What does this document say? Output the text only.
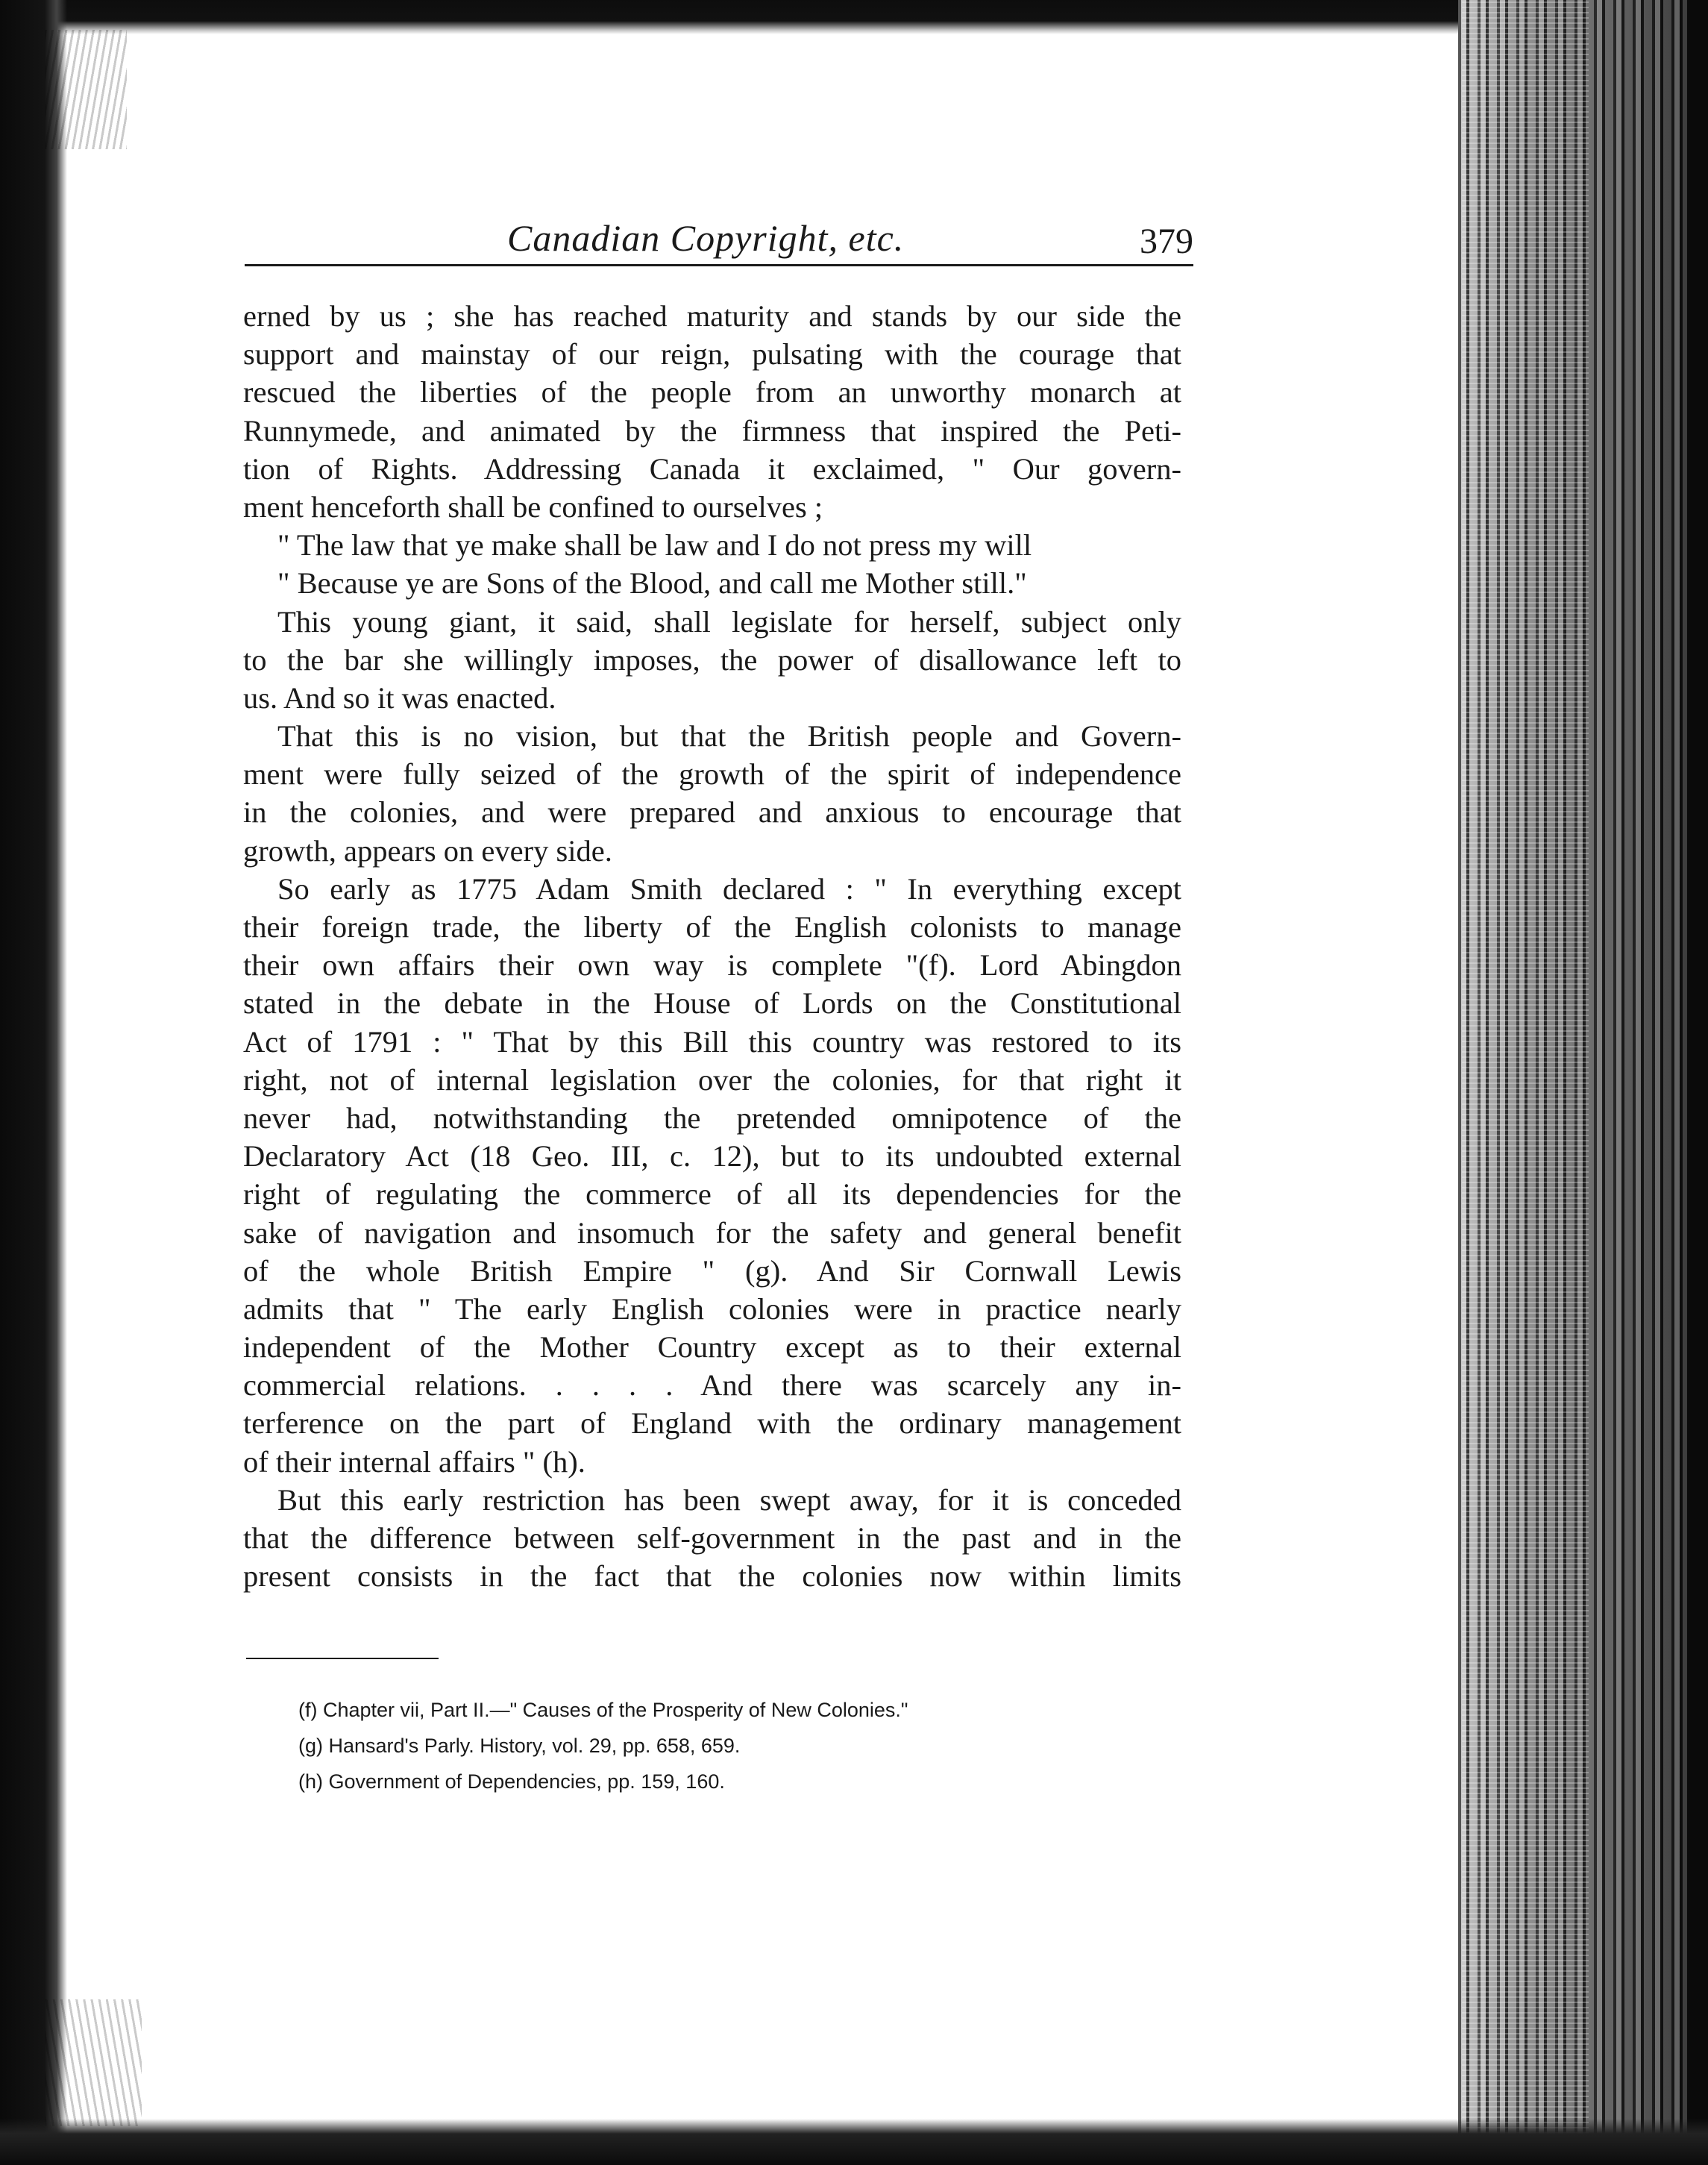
Canadian Copyright, etc.	379
erned by us ; she has reached maturity and stands by our side the
support and mainstay of our reign, pulsating with the courage that
rescued the liberties of the people from an unworthy monarch at
Runnymede, and animated by the firmness that inspired the Peti-
tion of Rights. Addressing Canada it exclaimed, " Our govern-
ment henceforth shall be confined to ourselves ;
" The law that ye make shall be law and I do not press my will
" Because ye are Sons of the Blood, and call me Mother still."
This young giant, it said, shall legislate for herself, subject only
to the bar she willingly imposes, the power of disallowance left to
us. And so it was enacted.
That this is no vision, but that the British people and Govern-
ment were fully seized of the growth of the spirit of independence
in the colonies, and were prepared and anxious to encourage that
growth, appears on every side.
So early as 1775 Adam Smith declared : " In everything except
their foreign trade, the liberty of the English colonists to manage
their own affairs their own way is complete "(f). Lord Abingdon
stated in the debate in the House of Lords on the Constitutional
Act of 1791 : " That by this Bill this country was restored to its
right, not of internal legislation over the colonies, for that right it
never had, notwithstanding the pretended omnipotence of the
Declaratory Act (18 Geo. III, c. 12), but to its undoubted external
right of regulating the commerce of all its dependencies for the
sake of navigation and insomuch for the safety and general benefit
of the whole British Empire " (g). And Sir Cornwall Lewis
admits that " The early English colonies were in practice nearly
independent of the Mother Country except as to their external
commercial relations. . . . . And there was scarcely any in-
terference on the part of England with the ordinary management
of their internal affairs " (h).
But this early restriction has been swept away, for it is conceded
that the difference between self-government in the past and in the
present consists in the fact that the colonies now within limits
(f) Chapter vii, Part II.—" Causes of the Prosperity of New Colonies."
(g) Hansard's Parly. History, vol. 29, pp. 658, 659.
(h) Government of Dependencies, pp. 159, 160.
